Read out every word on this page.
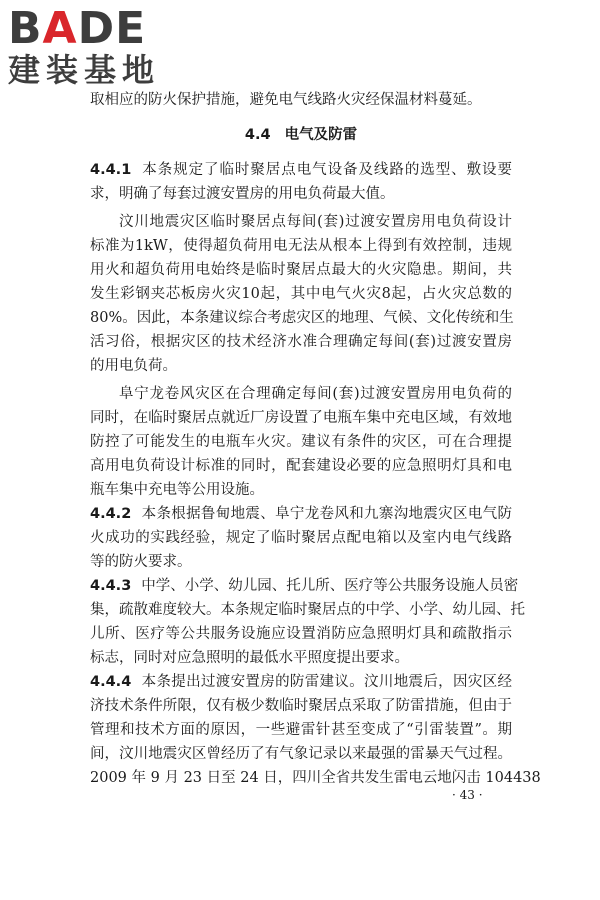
BADE
建装基地
取相应的防火保护措施，避免电气线路火灾经保温材料蔓延。
4.4 电气及防雷
4.4.1 本条规定了临时聚居点电气设备及线路的选型、敷设要
求，明确了每套过渡安置房的用电负荷最大值。
汶川地震灾区临时聚居点每间(套)过渡安置房用电负荷设计
标准为1kW，使得超负荷用电无法从根本上得到有效控制，违规
用火和超负荷用电始终是临时聚居点最大的火灾隐患。期间，共
发生彩钢夹芯板房火灾10起，其中电气火灾8起，占火灾总数的
80%。因此，本条建议综合考虑灾区的地理、气候、文化传统和生
活习俗，根据灾区的技术经济水准合理确定每间(套)过渡安置房
的用电负荷。
阜宁龙卷风灾区在合理确定每间(套)过渡安置房用电负荷的
同时，在临时聚居点就近厂房设置了电瓶车集中充电区域，有效地
防控了可能发生的电瓶车火灾。建议有条件的灾区，可在合理提
高用电负荷设计标准的同时，配套建设必要的应急照明灯具和电
瓶车集中充电等公用设施。
4.4.2 本条根据鲁甸地震、阜宁龙卷风和九寨沟地震灾区电气防
火成功的实践经验，规定了临时聚居点配电箱以及室内电气线路
等的防火要求。
4.4.3 中学、小学、幼儿园、托儿所、医疗等公共服务设施人员密
集，疏散难度较大。本条规定临时聚居点的中学、小学、幼儿园、托
儿所、医疗等公共服务设施应设置消防应急照明灯具和疏散指示
标志，同时对应急照明的最低水平照度提出要求。
4.4.4 本条提出过渡安置房的防雷建议。汶川地震后，因灾区经
济技术条件所限，仅有极少数临时聚居点采取了防雷措施，但由于
管理和技术方面的原因，一些避雷针甚至变成了“引雷装置”。期
间，汶川地震灾区曾经历了有气象记录以来最强的雷暴天气过程。
2009 年 9 月 23 日至 24 日，四川全省共发生雷电云地闪击 104438
· 43 ·
